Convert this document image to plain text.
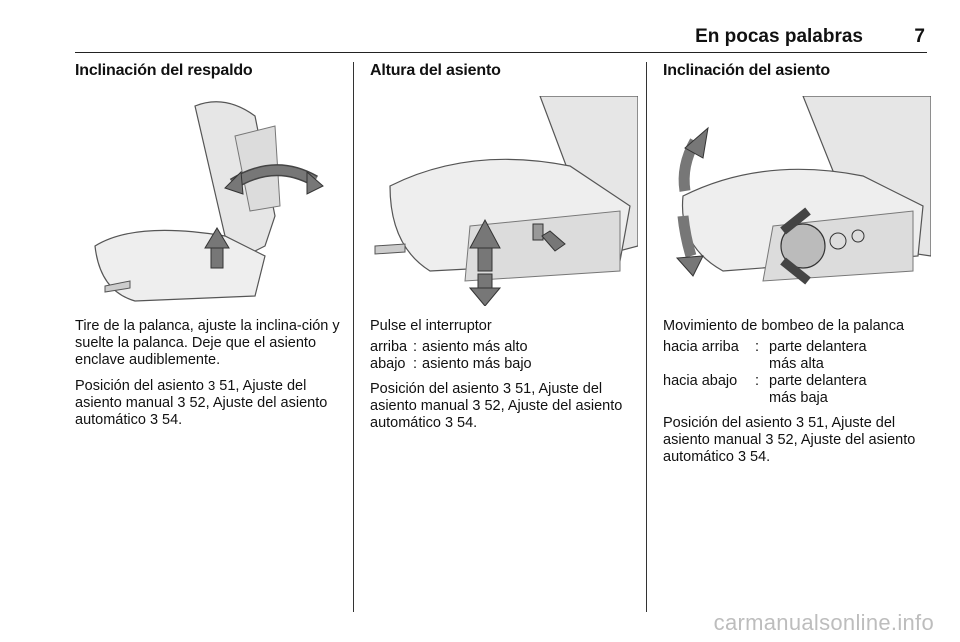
En pocas palabras	7
Inclinación del respaldo

Tire de la palanca, ajuste la inclina-ción y suelte la palanca. Deje que el asiento enclave audiblemente.

Posición del asiento 3 51, Ajuste del asiento manual 3 52, Ajuste del asiento automático 3 54.

Altura del asiento

Pulse el interruptor

arriba	:	asiento más alto
abajo	:	asiento más bajo

Posición del asiento 3 51, Ajuste del asiento manual 3 52, Ajuste del asiento automático 3 54.

Inclinación del asiento

Movimiento de bombeo de la palanca

hacia arriba	:	parte delantera más alta
hacia abajo	:	parte delantera más baja

Posición del asiento 3 51, Ajuste del asiento manual 3 52, Ajuste del asiento automático 3 54.

carmanualsonline.info
